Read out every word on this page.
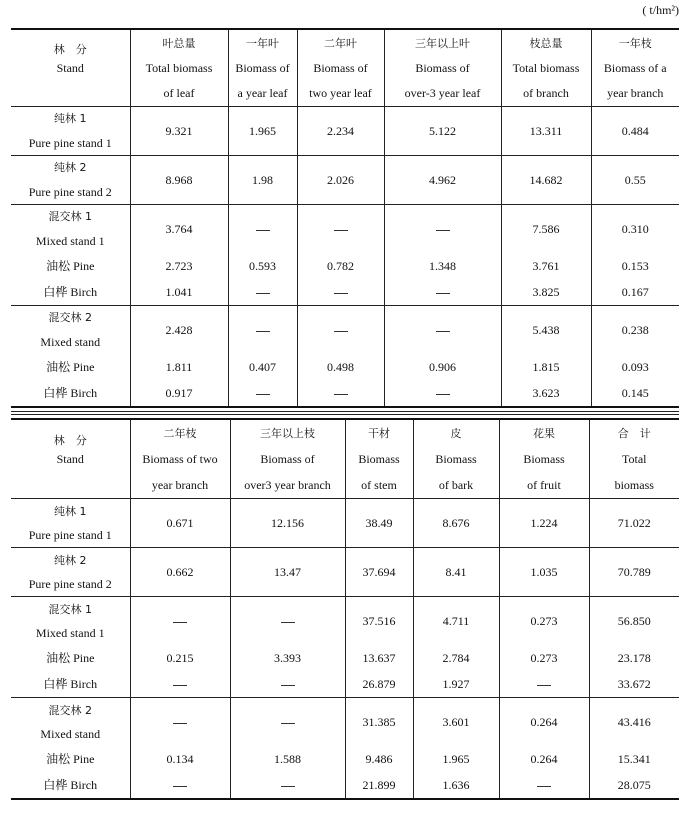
( t/hm²)
林　分	叶总量	一年叶	二年叶	三年以上叶	枝总量	一年枝
Stand	Total biomass	Biomass of	Biomass of	Biomass of	Total biomass	Biomass of a
	of leaf	a year leaf	two year leaf	over-3 year leaf	of branch	year branch
纯林 1	9.321	1.965	2.234	5.122	13.311	0.484
Pure pine stand 1						
纯林 2	8.968	1.98	2.026	4.962	14.682	0.55
Pure pine stand 2						
混交林 1	3.764				7.586	0.310
Mixed stand 1						
油松 Pine	2.723	0.593	0.782	1.348	3.761	0.153
白桦 Birch	1.041				3.825	0.167
混交林 2	2.428				5.438	0.238
Mixed stand						
油松 Pine	1.811	0.407	0.498	0.906	1.815	0.093
白桦 Birch	0.917				3.623	0.145
林　分	二年枝	三年以上枝	干材	皮	花果	合　计
Stand	Biomass of two	Biomass of	Biomass	Biomass	Biomass	Total
	year branch	over3 year branch	of stem	of bark	of fruit	biomass
纯林 1	0.671	12.156	38.49	8.676	1.224	71.022
Pure pine stand 1						
纯林 2	0.662	13.47	37.694	8.41	1.035	70.789
Pure pine stand 2						
混交林 1			37.516	4.711	0.273	56.850
Mixed stand 1						
油松 Pine	0.215	3.393	13.637	2.784	0.273	23.178
白桦 Birch			26.879	1.927		33.672
混交林 2			31.385	3.601	0.264	43.416
Mixed stand						
油松 Pine	0.134	1.588	9.486	1.965	0.264	15.341
白桦 Birch			21.899	1.636		28.075
